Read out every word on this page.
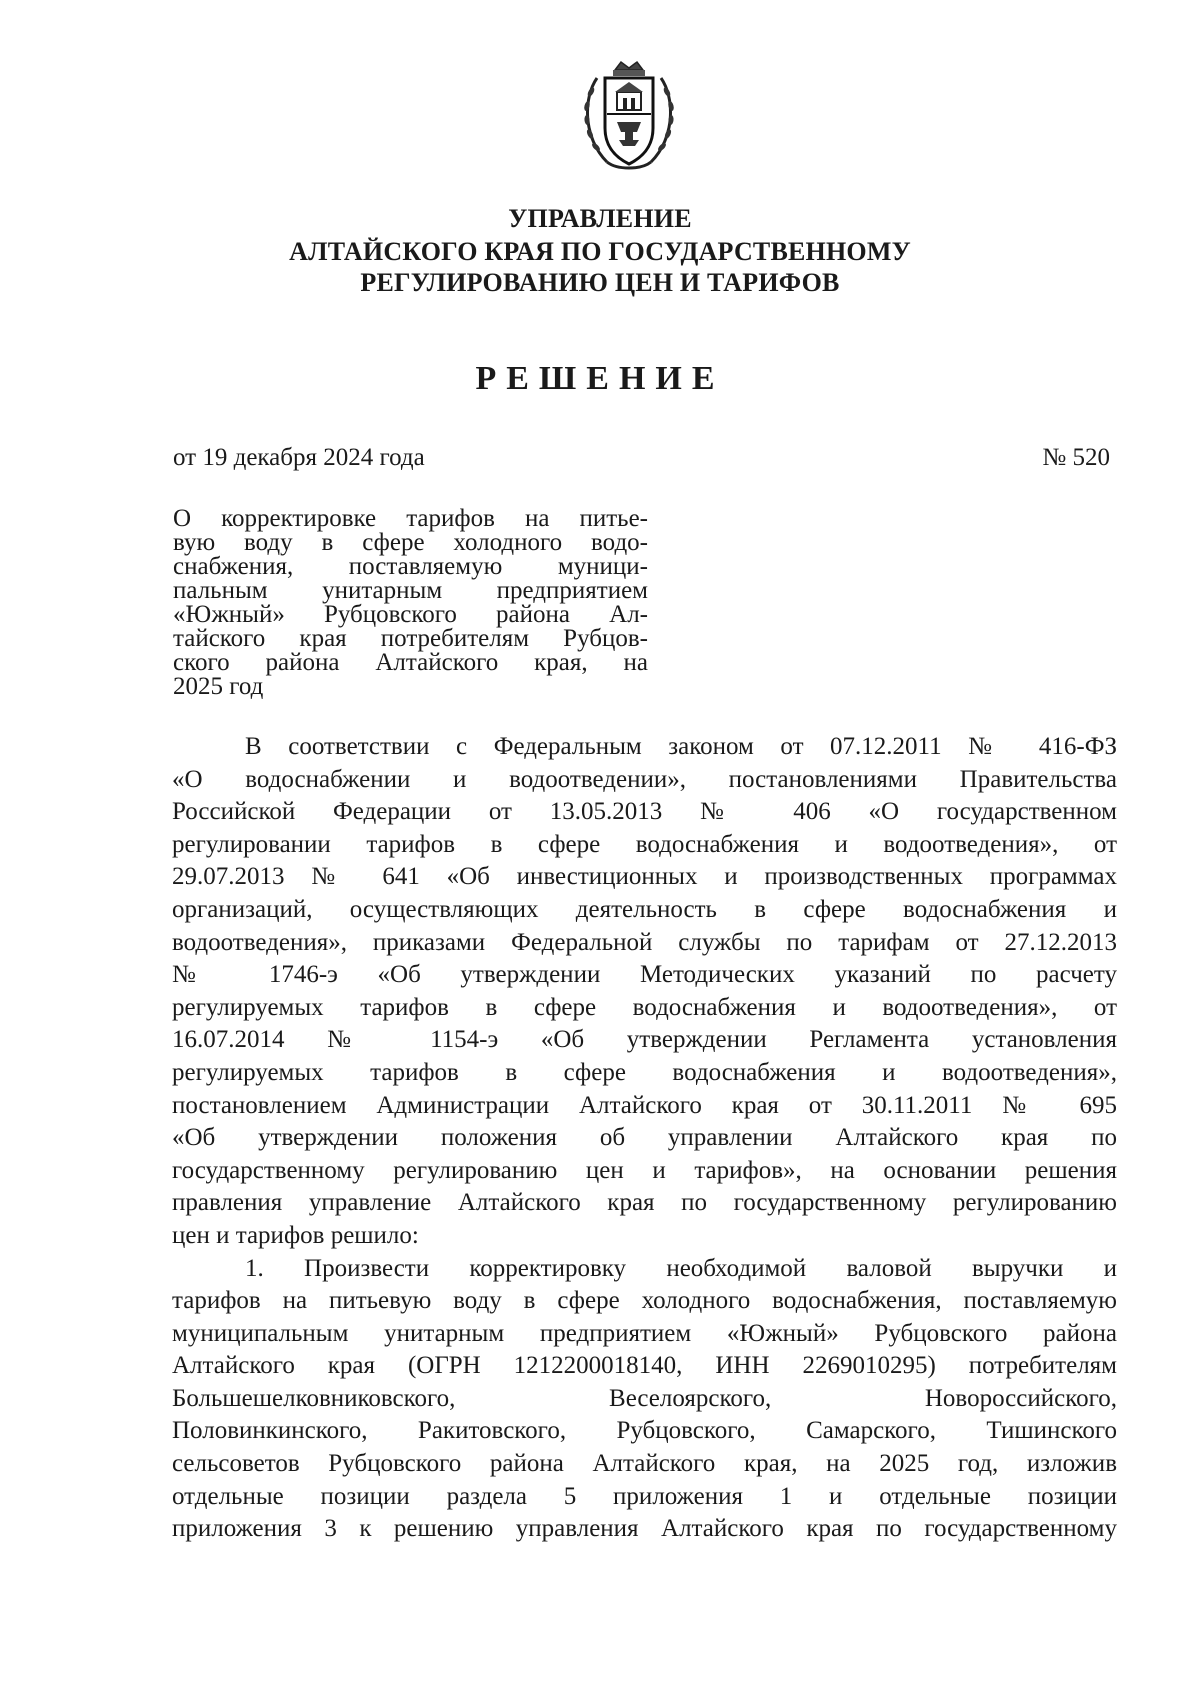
УПРАВЛЕНИЕ
АЛТАЙСКОГО КРАЯ ПО ГОСУДАРСТВЕННОМУ
РЕГУЛИРОВАНИЮ ЦЕН И ТАРИФОВ
РЕШЕНИЕ
от 19 декабря 2024 года	№ 520
О корректировке тарифов на питье-
вую воду в сфере холодного водо-
снабжения, поставляемую муници-
пальным унитарным предприятием
«Южный» Рубцовского района Ал-
тайского края потребителям Рубцов-
ского района Алтайского края, на
2025 год
В соответствии с Федеральным законом от 07.12.2011 № 416-ФЗ
«О водоснабжении и водоотведении», постановлениями Правительства
Российской Федерации от 13.05.2013 № 406 «О государственном
регулировании тарифов в сфере водоснабжения и водоотведения», от
29.07.2013 № 641 «Об инвестиционных и производственных программах
организаций, осуществляющих деятельность в сфере водоснабжения и
водоотведения», приказами Федеральной службы по тарифам от 27.12.2013
№ 1746-э «Об утверждении Методических указаний по расчету
регулируемых тарифов в сфере водоснабжения и водоотведения», от
16.07.2014 № 1154-э «Об утверждении Регламента установления
регулируемых тарифов в сфере водоснабжения и водоотведения»,
постановлением Администрации Алтайского края от 30.11.2011 № 695
«Об утверждении положения об управлении Алтайского края по
государственному регулированию цен и тарифов», на основании решения
правления управление Алтайского края по государственному регулированию
цен и тарифов решило:
1. Произвести корректировку необходимой валовой выручки и
тарифов на питьевую воду в сфере холодного водоснабжения, поставляемую
муниципальным унитарным предприятием «Южный» Рубцовского района
Алтайского края (ОГРН 1212200018140, ИНН 2269010295) потребителям
Большешелковниковского, Веселоярского, Новороссийского,
Половинкинского, Ракитовского, Рубцовского, Самарского, Тишинского
сельсоветов Рубцовского района Алтайского края, на 2025 год, изложив
отдельные позиции раздела 5 приложения 1 и отдельные позиции
приложения 3 к решению управления Алтайского края по государственному
